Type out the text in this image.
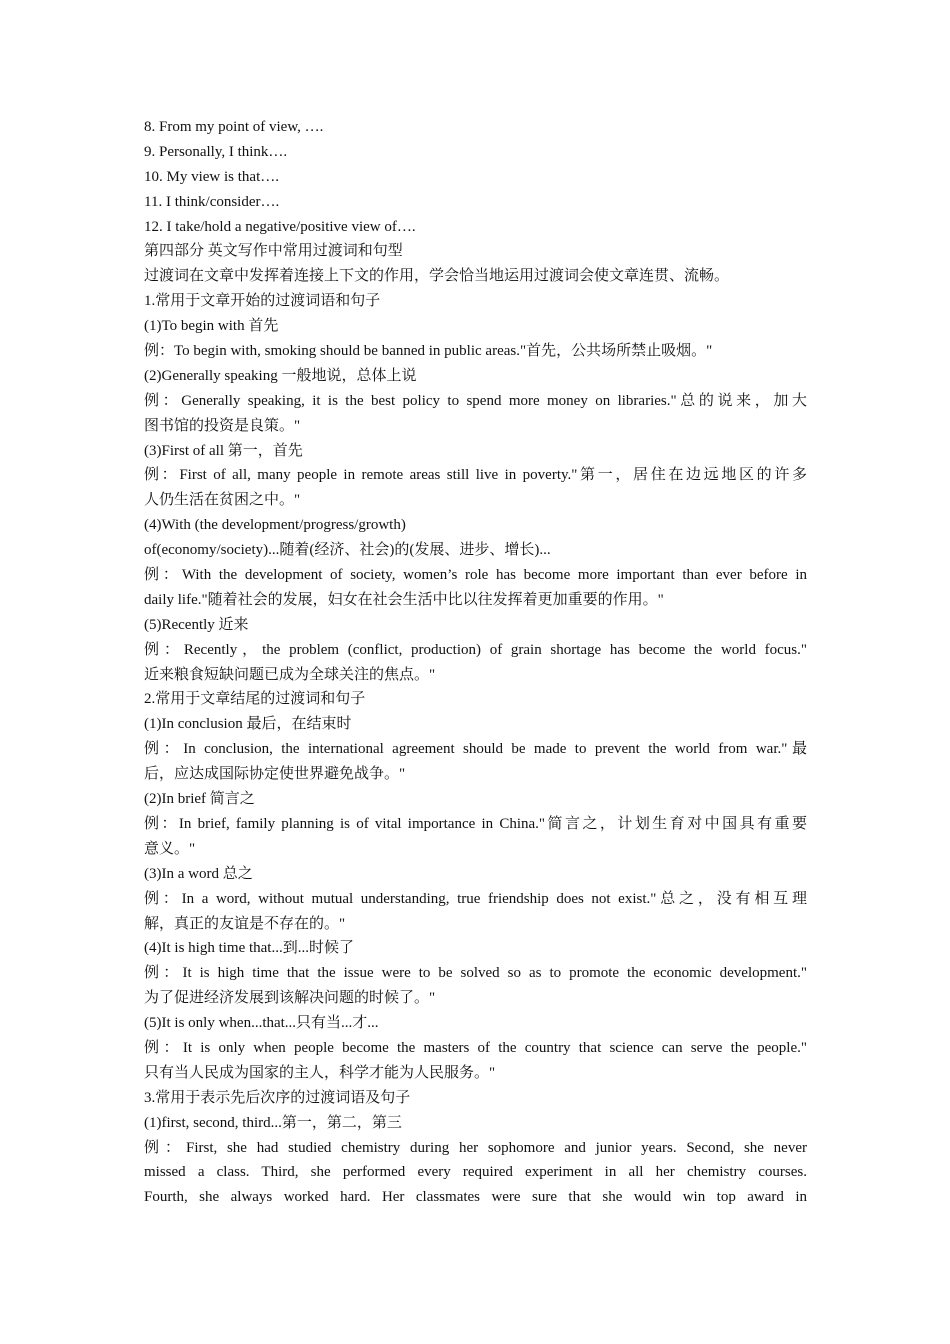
8. From my point of view, ….
9. Personally, I think….
10. My view is that….
11. I think/consider….
12. I take/hold a negative/positive view of….
第四部分 英文写作中常用过渡词和句型
过渡词在文章中发挥着连接上下文的作用，学会恰当地运用过渡词会使文章连贯、流畅。
1.常用于文章开始的过渡词语和句子
(1)To begin with 首先
例：To begin with, smoking should be banned in public areas."首先，公共场所禁止吸烟。"
(2)Generally speaking 一般地说，总体上说
例：Generally speaking, it is the best policy to spend more money on libraries."总的说来，加大
图书馆的投资是良策。"
(3)First of all 第一，首先
例：First of all, many people in remote areas still live in poverty."第一，居住在边远地区的许多
人仍生活在贫困之中。"
(4)With (the development/progress/growth)
of(economy/society)...随着(经济、社会)的(发展、进步、增长)...
例：With the development of society, women’s role has become more important than ever before in
daily life."随着社会的发展，妇女在社会生活中比以往发挥着更加重要的作用。"
(5)Recently 近来
例：Recently，the problem (conflict, production) of grain shortage has become the world focus."
近来粮食短缺问题已成为全球关注的焦点。"
2.常用于文章结尾的过渡词和句子
(1)In conclusion 最后，在结束时
例：In conclusion, the international agreement should be made to prevent the world from war."最
后，应达成国际协定使世界避免战争。"
(2)In brief 简言之
例：In brief, family planning is of vital importance in China."简言之，计划生育对中国具有重要
意义。"
(3)In a word 总之
例：In a word, without mutual understanding, true friendship does not exist."总之，没有相互理
解，真正的友谊是不存在的。"
(4)It is high time that...到...时候了
例：It is high time that the issue were to be solved so as to promote the economic development."
为了促进经济发展到该解决问题的时候了。"
(5)It is only when...that...只有当...才...
例：It is only when people become the masters of the country that science can serve the people."
只有当人民成为国家的主人，科学才能为人民服务。"
3.常用于表示先后次序的过渡词语及句子
(1)first, second, third...第一，第二，第三
例：First, she had studied chemistry during her sophomore and junior years. Second, she never
missed a class. Third, she performed every required experiment in all her chemistry courses.
Fourth, she always worked hard. Her classmates were sure that she would win top award in
